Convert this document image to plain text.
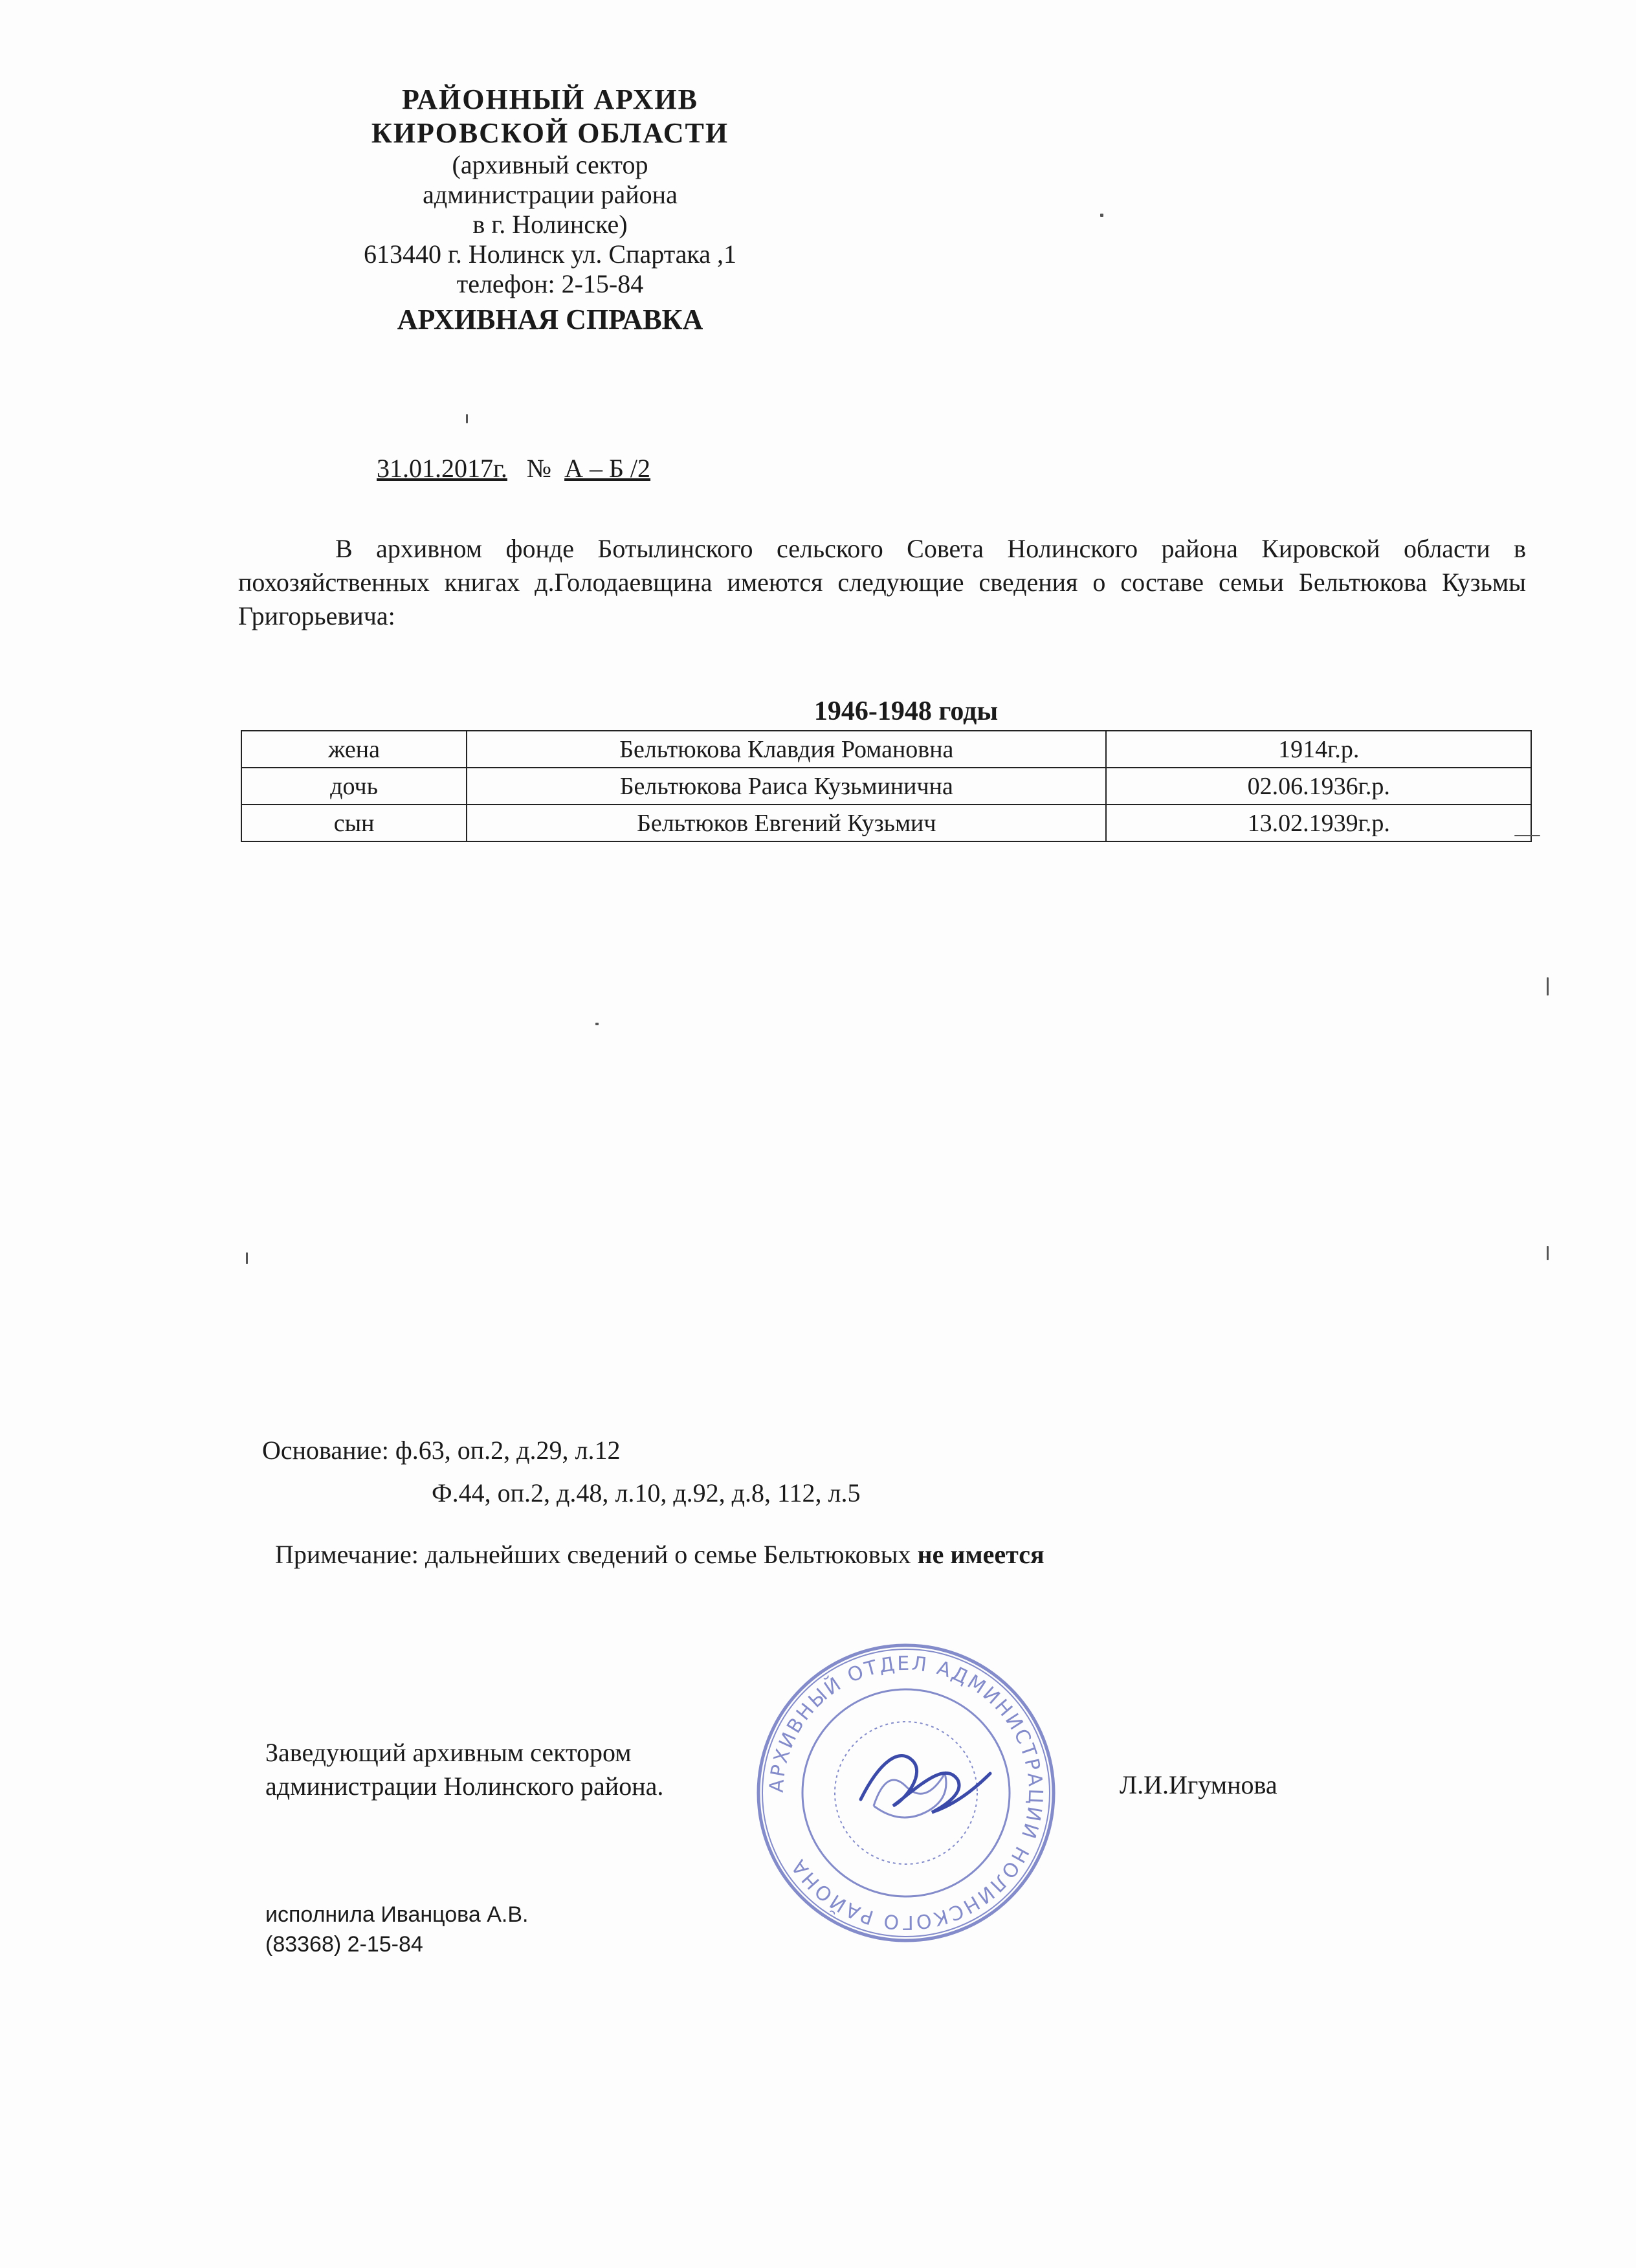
РАЙОННЫЙ АРХИВ
КИРОВСКОЙ ОБЛАСТИ
(архивный сектор
администрации района
в г. Нолинске)
613440 г. Нолинск ул. Спартака ,1
телефон: 2-15-84
АРХИВНАЯ СПРАВКА
31.01.2017г. № А – Б /2
В архивном фонде Ботылинского сельского Совета Нолинского района Кировской области в похозяйственных книгах д.Голодаевщина имеются следующие сведения о составе семьи Бельтюкова Кузьмы Григорьевича:
1946-1948 годы
жена	Бельтюкова Клавдия Романовна	1914г.р.
дочь	Бельтюкова Раиса Кузьминична	02.06.1936г.р.
сын	Бельтюков Евгений Кузьмич	13.02.1939г.р.
Основание: ф.63, оп.2, д.29, л.12
Ф.44, оп.2, д.48, л.10, д.92, д.8, 112, л.5
Примечание: дальнейших сведений о семье Бельтюковых не имеется
Заведующий архивным сектором
администрации Нолинского района.	АРХИВНЫЙ ОТДЕЛ АДМИНИСТРАЦИИ НОЛИНСКОГО РАЙОНА
Л.И.Игумнова
исполнила Иванцова А.В.
(83368) 2-15-84
